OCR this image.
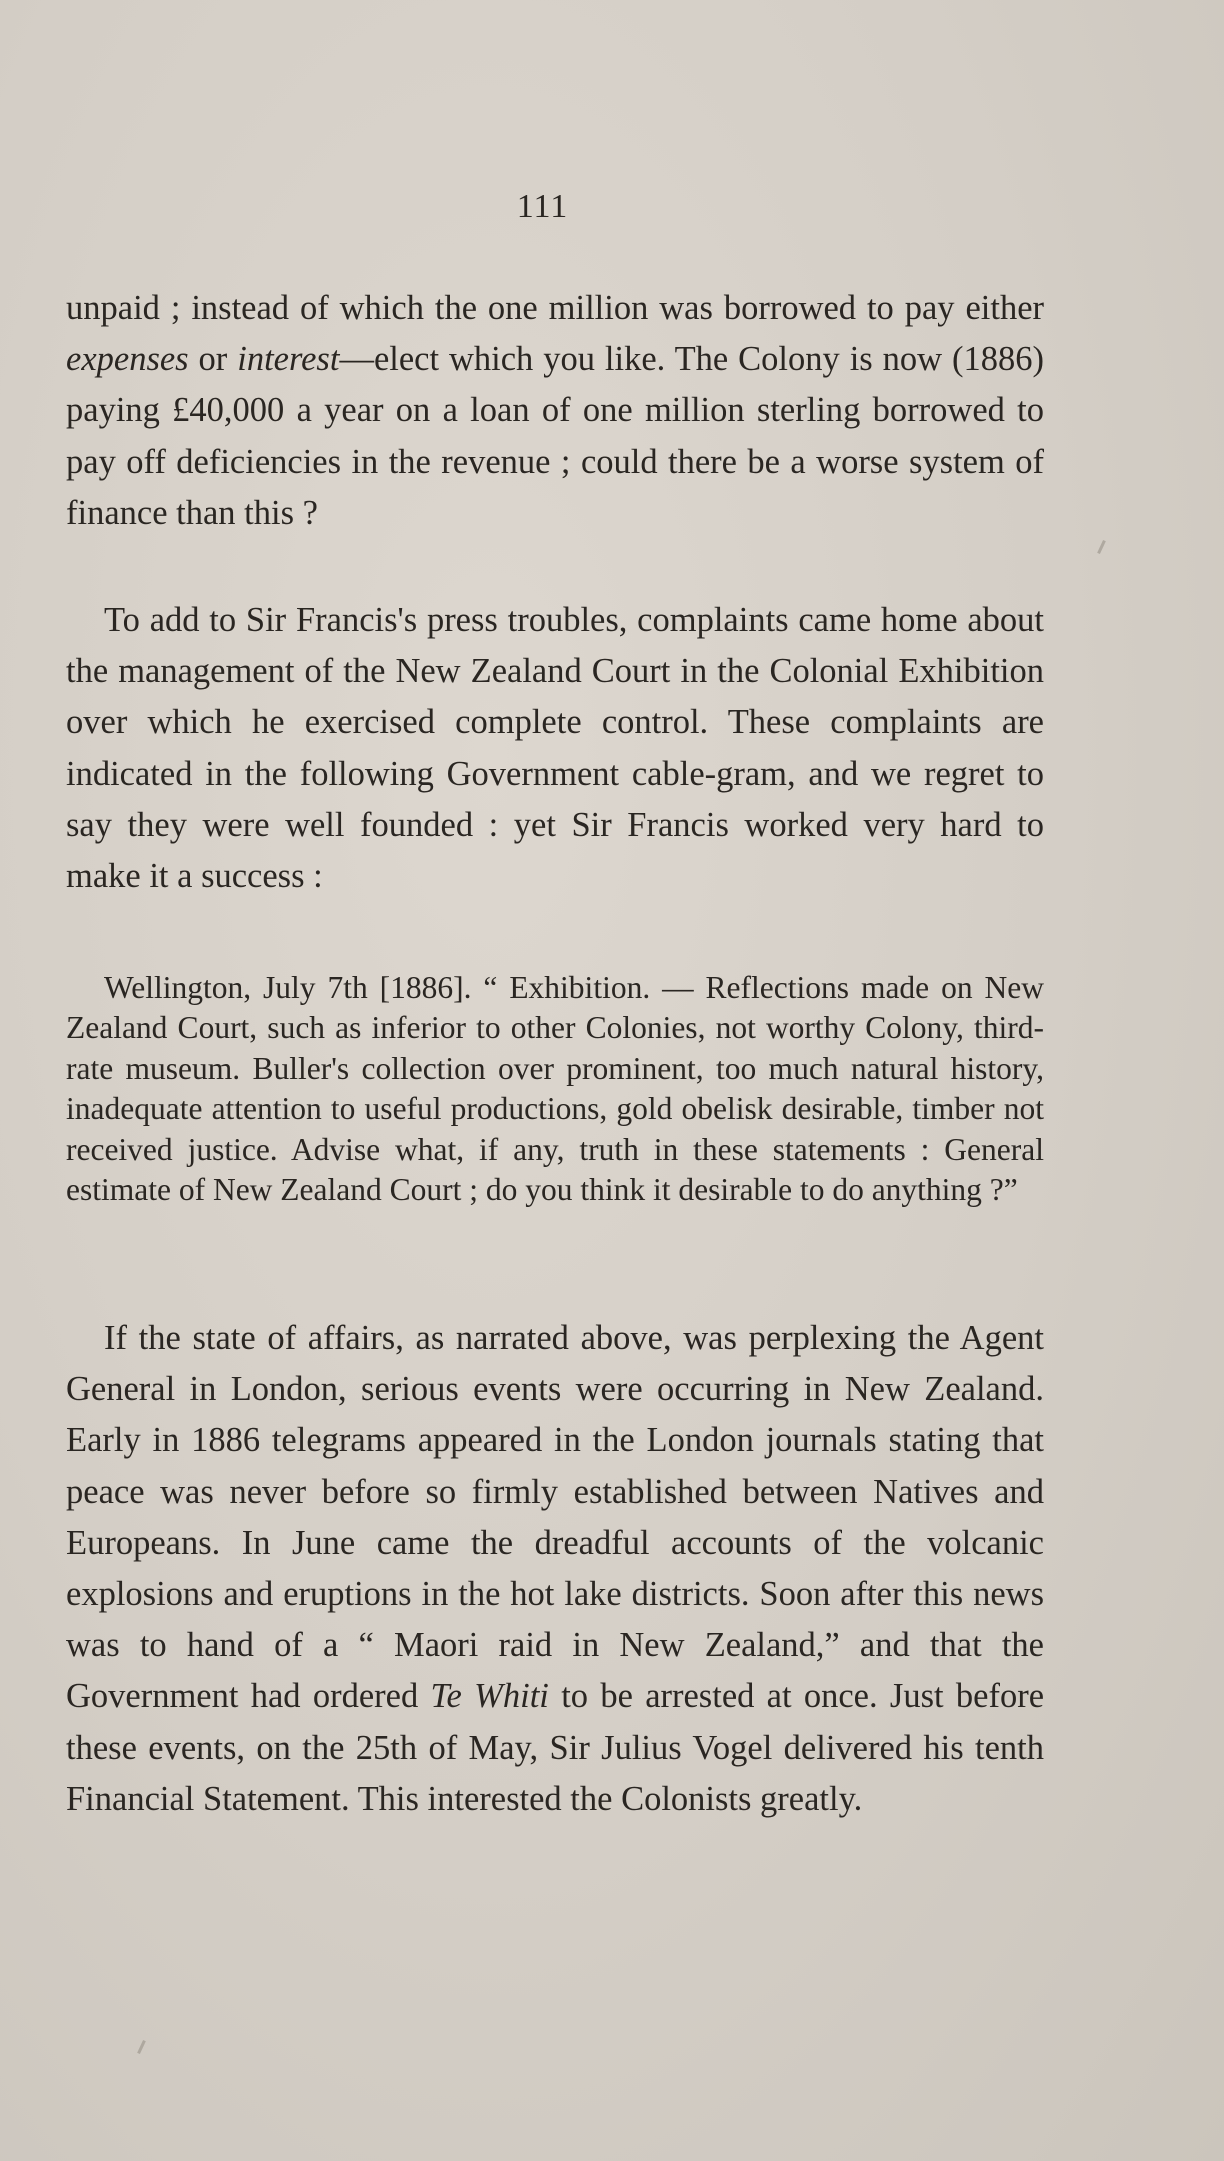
111

unpaid ; instead of which the one million was borrowed to pay either expenses or interest—elect which you like. The Colony is now (1886) paying £40,000 a year on a loan of one million sterling borrowed to pay off deficiencies in the revenue ; could there be a worse system of finance than this ?

To add to Sir Francis's press troubles, complaints came home about the management of the New Zealand Court in the Colonial Exhibition over which he exercised complete control. These complaints are indicated in the following Government cable-gram, and we regret to say they were well founded : yet Sir Francis worked very hard to make it a success :

Wellington, July 7th [1886]. “ Exhibition. — Reflections made on New Zealand Court, such as inferior to other Colonies, not worthy Colony, third-rate museum. Buller's collection over prominent, too much natural history, inadequate attention to useful productions, gold obelisk desirable, timber not received justice. Advise what, if any, truth in these statements : General estimate of New Zealand Court ; do you think it desirable to do anything ?”

If the state of affairs, as narrated above, was perplexing the Agent General in London, serious events were occurring in New Zealand. Early in 1886 telegrams appeared in the London journals stating that peace was never before so firmly established between Natives and Europeans. In June came the dreadful accounts of the volcanic explosions and eruptions in the hot lake districts. Soon after this news was to hand of a “ Maori raid in New Zealand,” and that the Government had ordered Te Whiti to be arrested at once. Just before these events, on the 25th of May, Sir Julius Vogel delivered his tenth Financial Statement. This interested the Colonists greatly.
